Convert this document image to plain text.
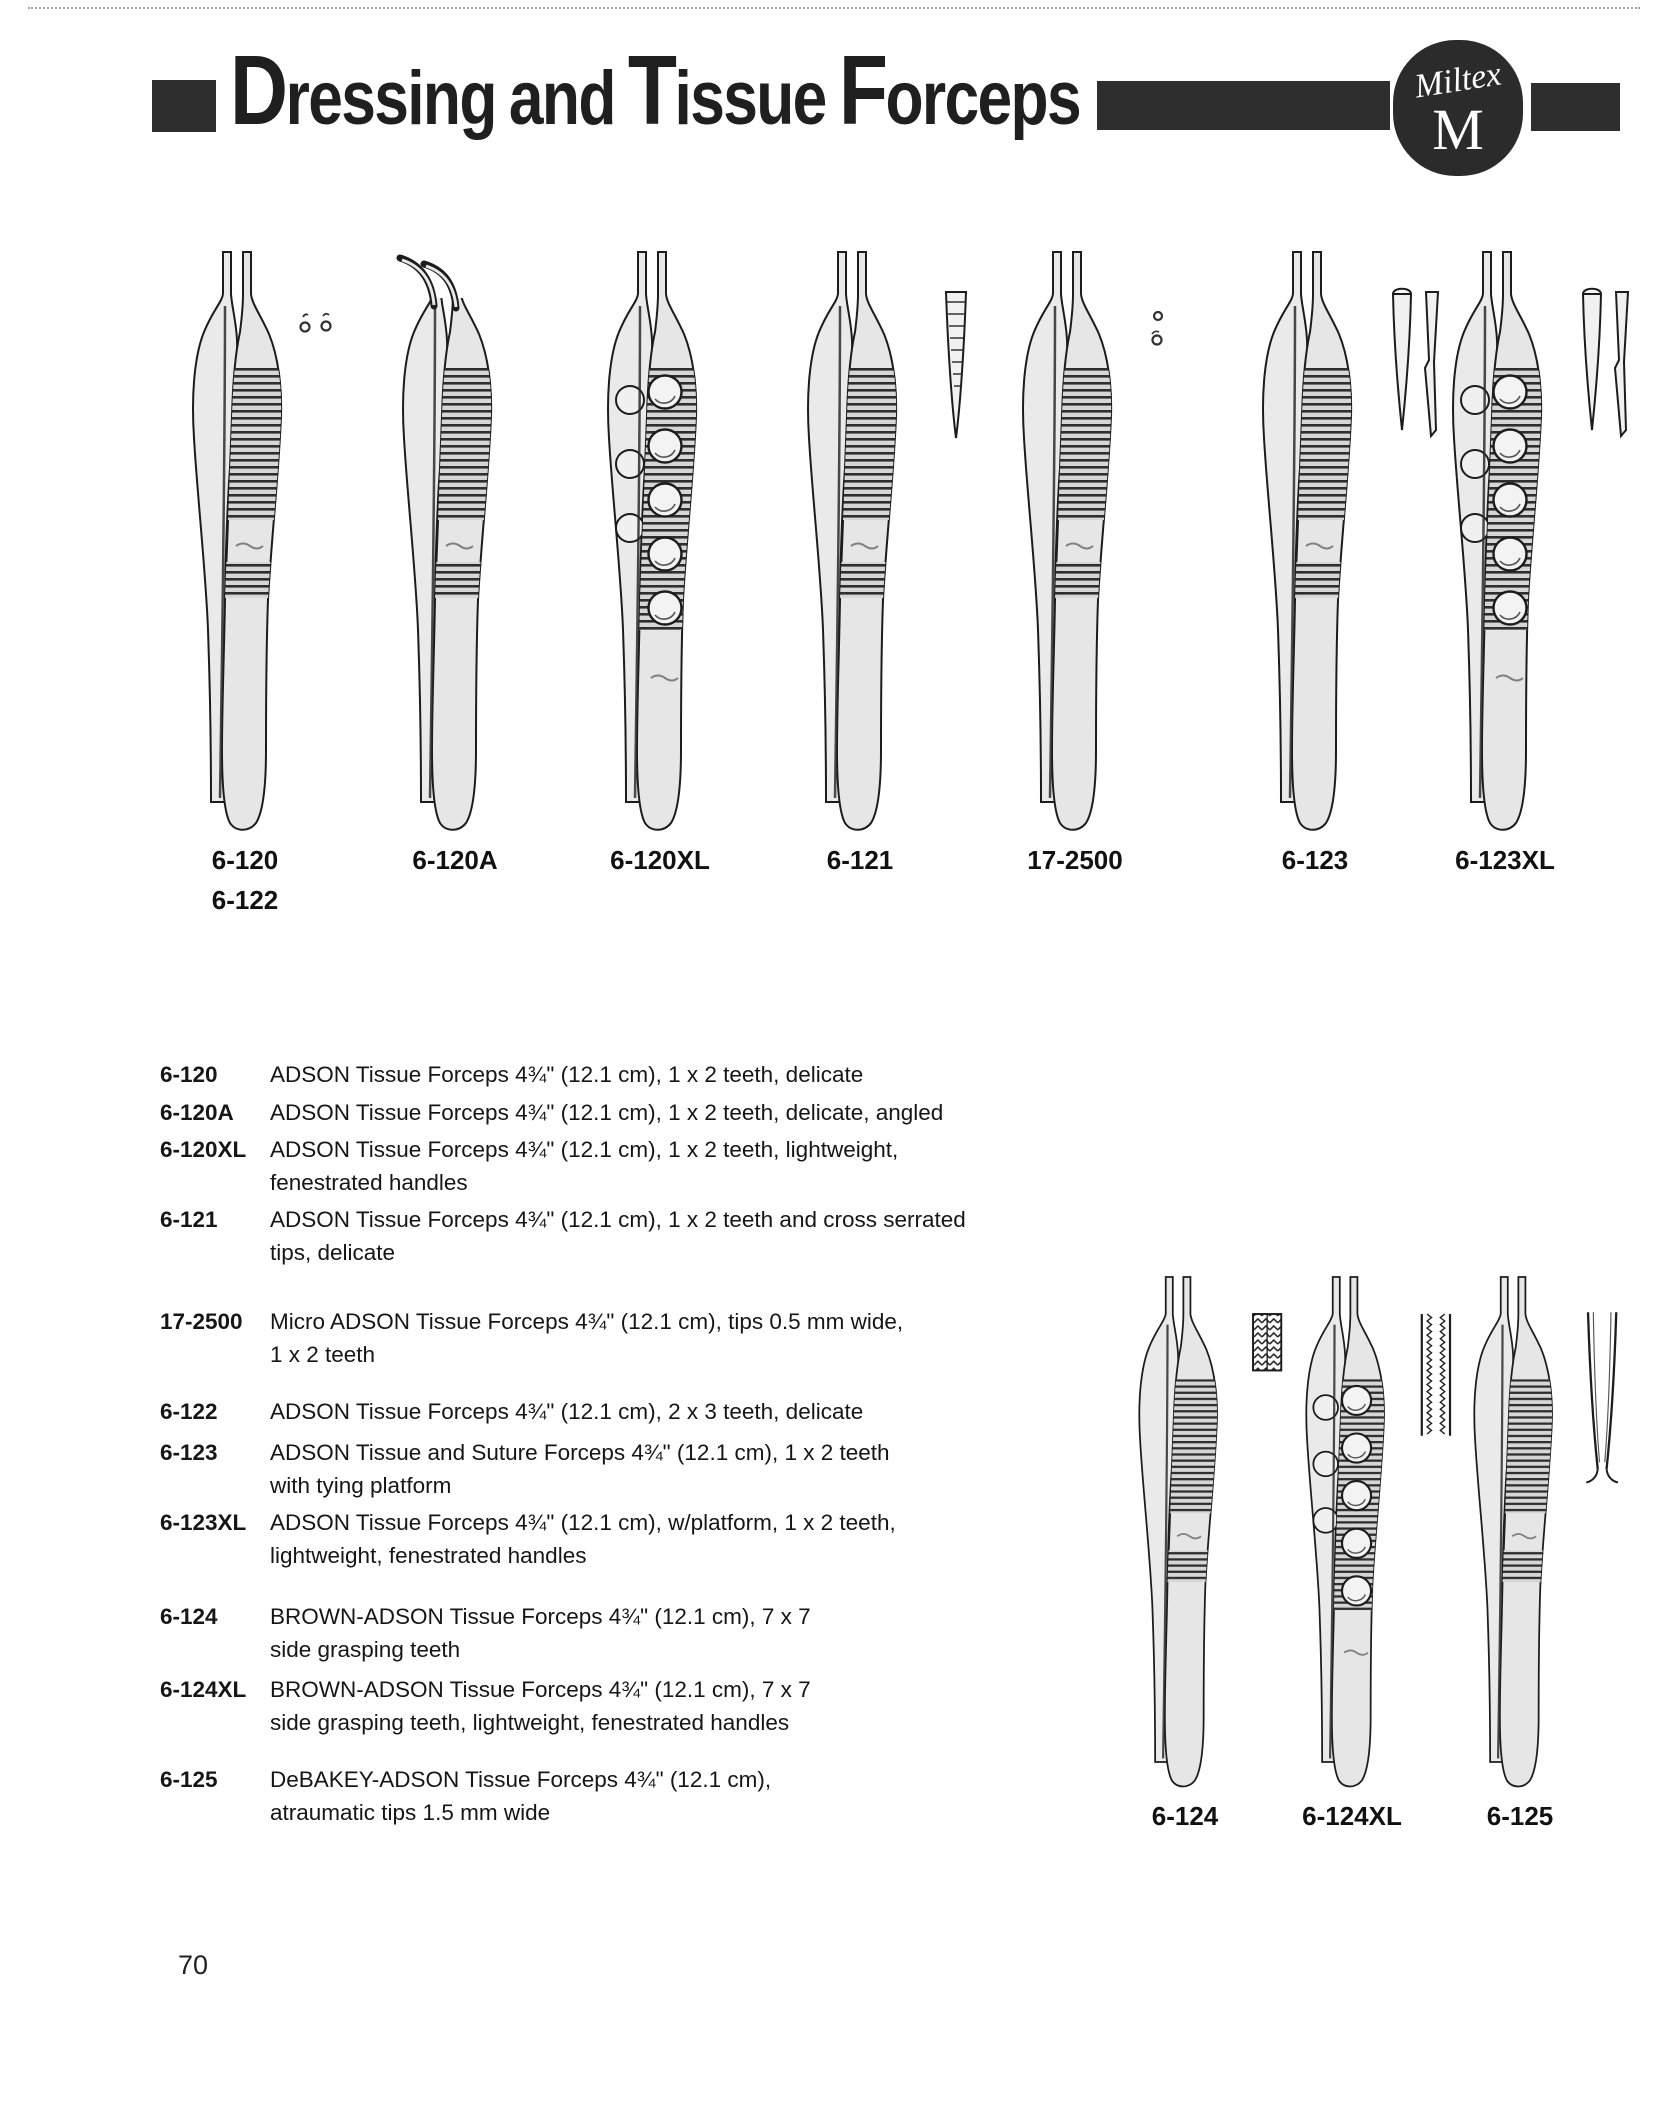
Dressing and Tissue Forceps	Miltex
M
6-120
6-122
6-120A	6-120XL	6-121	17-2500	6-123	6-123XL
6-120 ADSON Tissue Forceps 4¾" (12.1 cm), 1 x 2 teeth, delicate
6-120A ADSON Tissue Forceps 4¾" (12.1 cm), 1 x 2 teeth, delicate, angled
6-120XL ADSON Tissue Forceps 4¾" (12.1 cm), 1 x 2 teeth, lightweight,
fenestrated handles
6-121 ADSON Tissue Forceps 4¾" (12.1 cm), 1 x 2 teeth and cross serrated
tips, delicate
17-2500 Micro ADSON Tissue Forceps 4¾" (12.1 cm), tips 0.5 mm wide,
1 x 2 teeth
6-122 ADSON Tissue Forceps 4¾" (12.1 cm), 2 x 3 teeth, delicate
6-123 ADSON Tissue and Suture Forceps 4¾" (12.1 cm), 1 x 2 teeth
with tying platform
6-123XL ADSON Tissue Forceps 4¾" (12.1 cm), w/platform, 1 x 2 teeth,
lightweight, fenestrated handles
6-124 BROWN-ADSON Tissue Forceps 4¾" (12.1 cm), 7 x 7
side grasping teeth
6-124XL BROWN-ADSON Tissue Forceps 4¾" (12.1 cm), 7 x 7
side grasping teeth, lightweight, fenestrated handles
6-125 DeBAKEY-ADSON Tissue Forceps 4¾" (12.1 cm),
atraumatic tips 1.5 mm wide	6-124	6-124XL	6-125
70
